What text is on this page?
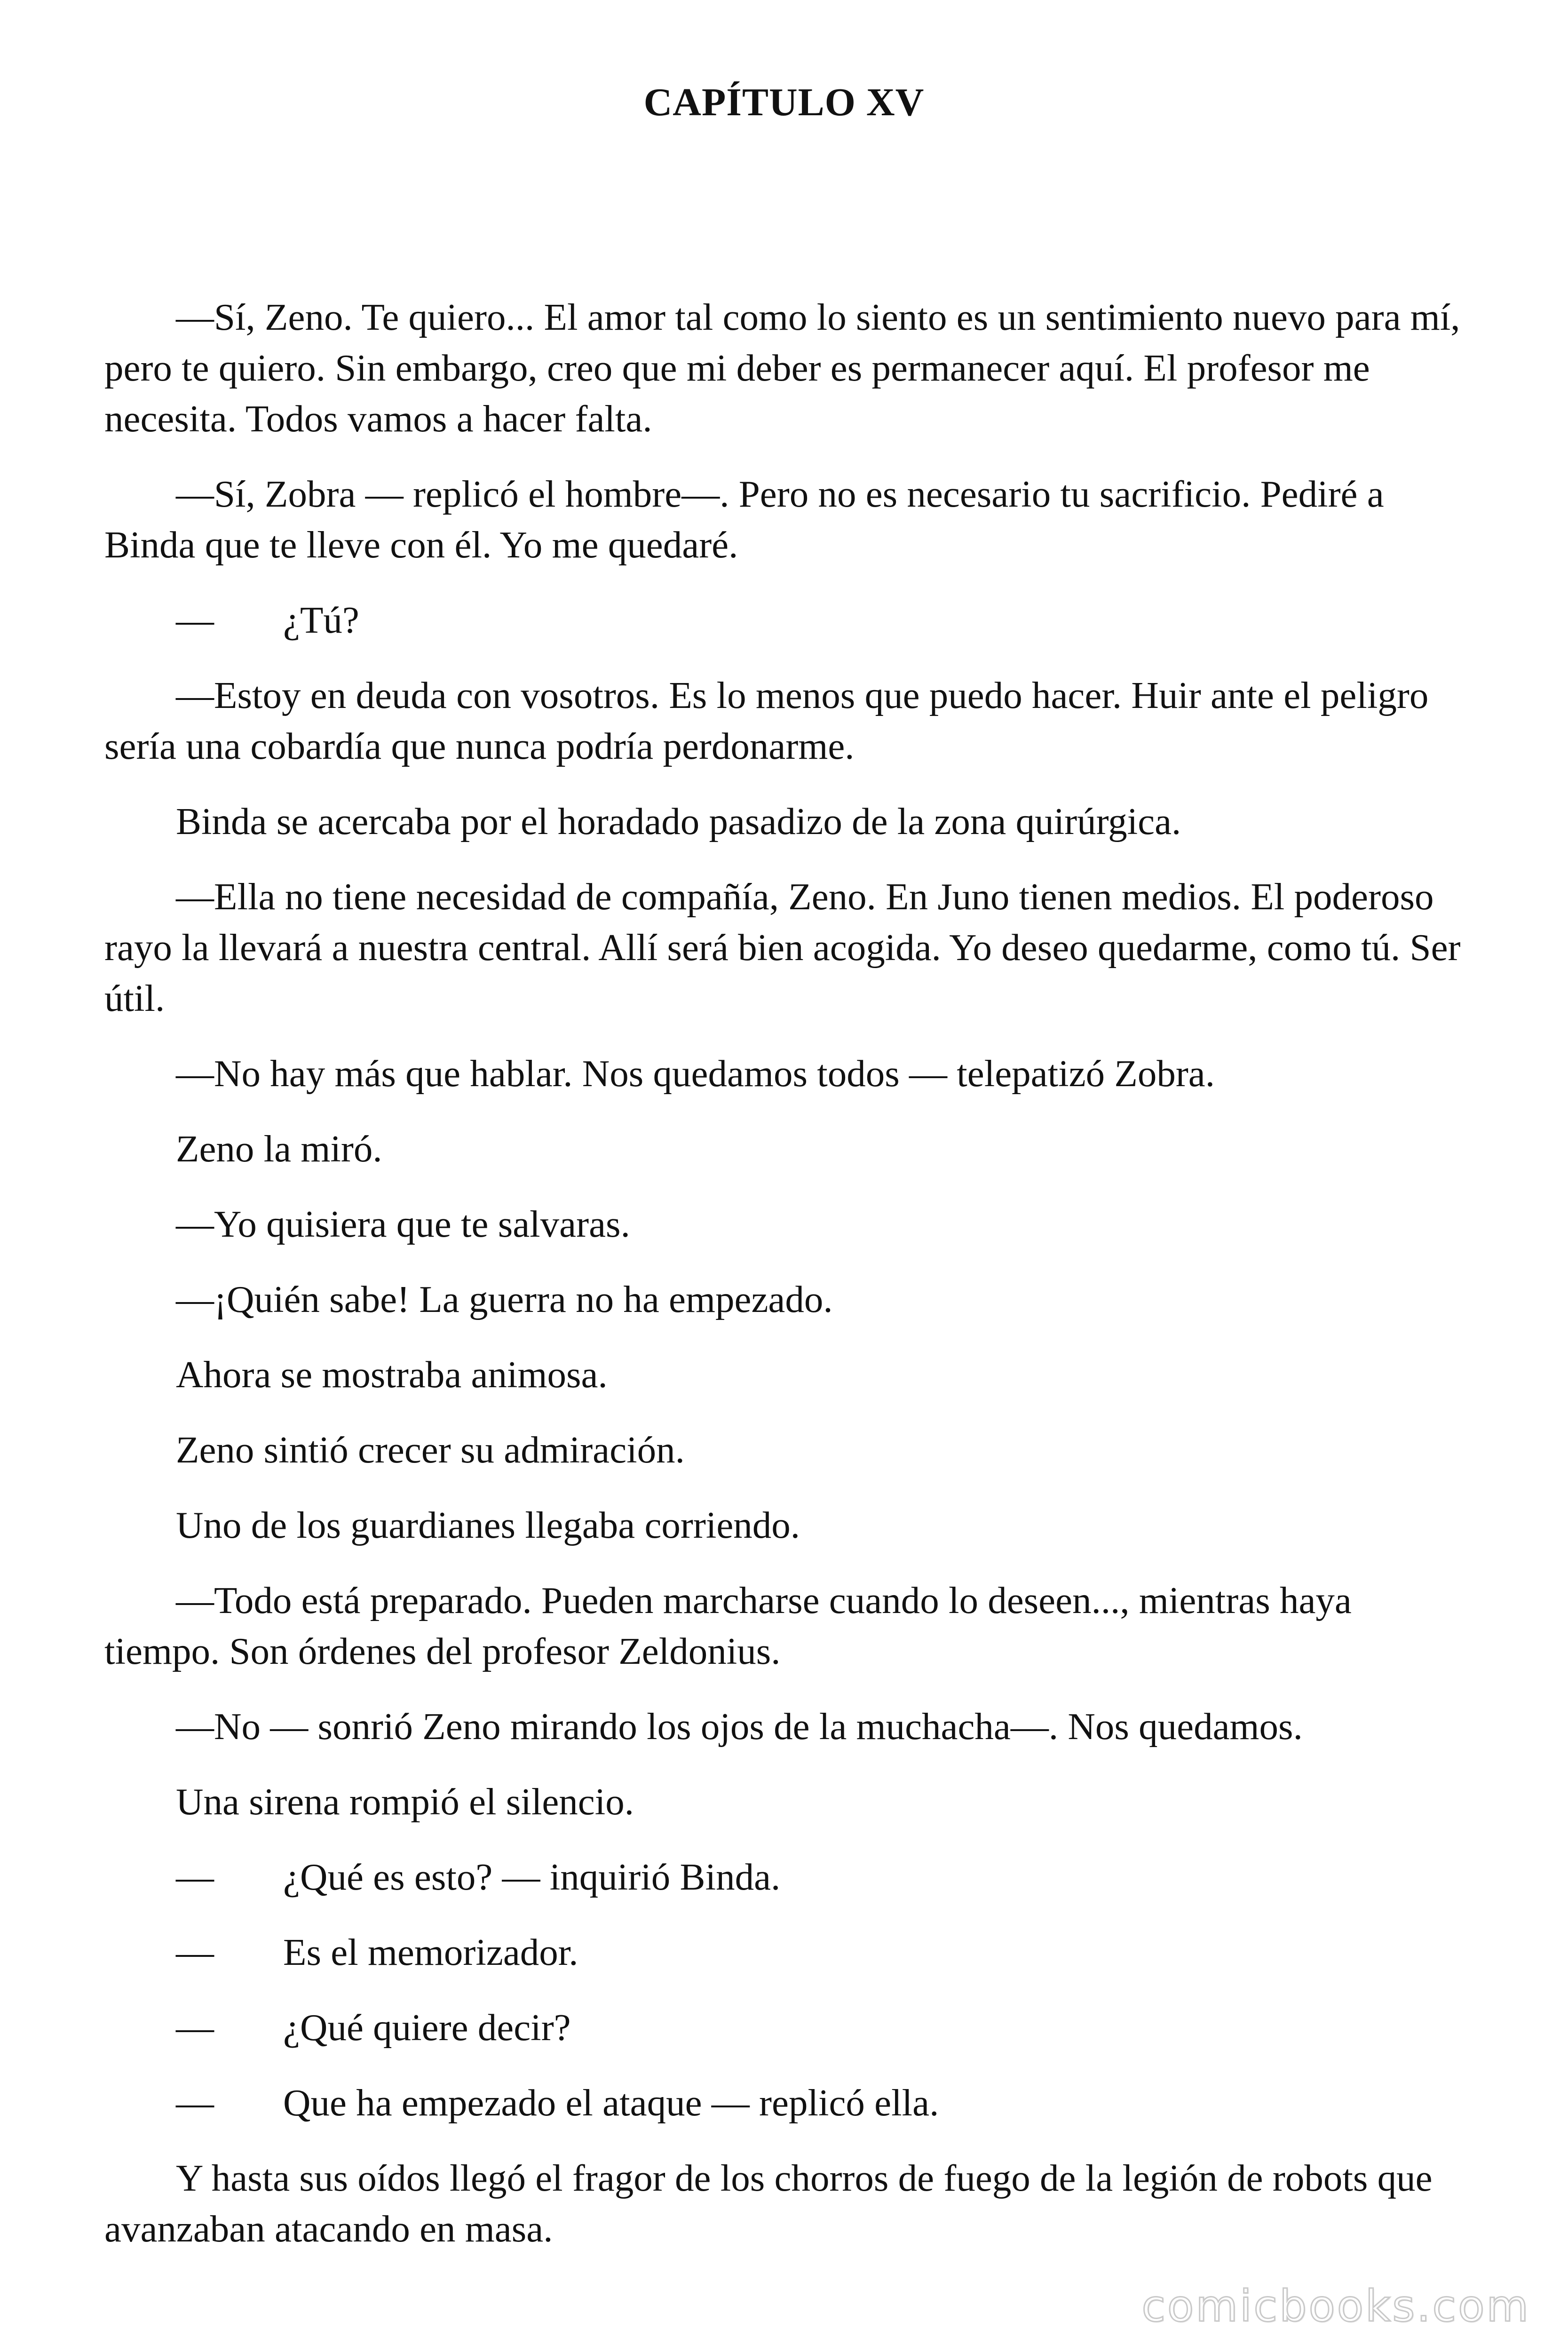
CAPÍTULO XV

—Sí, Zeno. Te quiero... El amor tal como lo siento es un sentimiento nuevo para mí, pero te quiero. Sin embargo, creo que mi deber es permanecer aquí. El profesor me necesita. Todos vamos a hacer falta.

—Sí, Zobra — replicó el hombre—. Pero no es necesario tu sacrificio. Pediré a Binda que te lleve con él. Yo me quedaré.

— ¿Tú?

—Estoy en deuda con vosotros. Es lo menos que puedo hacer. Huir ante el peligro sería una cobardía que nunca podría perdonarme.

Binda se acercaba por el horadado pasadizo de la zona quirúrgica.

—Ella no tiene necesidad de compañía, Zeno. En Juno tienen medios. El poderoso rayo la llevará a nuestra central. Allí será bien acogida. Yo deseo quedarme, como tú. Ser útil.

—No hay más que hablar. Nos quedamos todos — telepatizó Zobra.

Zeno la miró.

—Yo quisiera que te salvaras.

—¡Quién sabe! La guerra no ha empezado.

Ahora se mostraba animosa.

Zeno sintió crecer su admiración.

Uno de los guardianes llegaba corriendo.

—Todo está preparado. Pueden marcharse cuando lo deseen..., mientras haya tiempo. Son órdenes del profesor Zeldonius.

—No — sonrió Zeno mirando los ojos de la muchacha—. Nos quedamos.

Una sirena rompió el silencio.

— ¿Qué es esto? — inquirió Binda.

— Es el memorizador.

— ¿Qué quiere decir?

— Que ha empezado el ataque — replicó ella.

Y hasta sus oídos llegó el fragor de los chorros de fuego de la legión de robots que avanzaban atacando en masa.

comicbooks.com
